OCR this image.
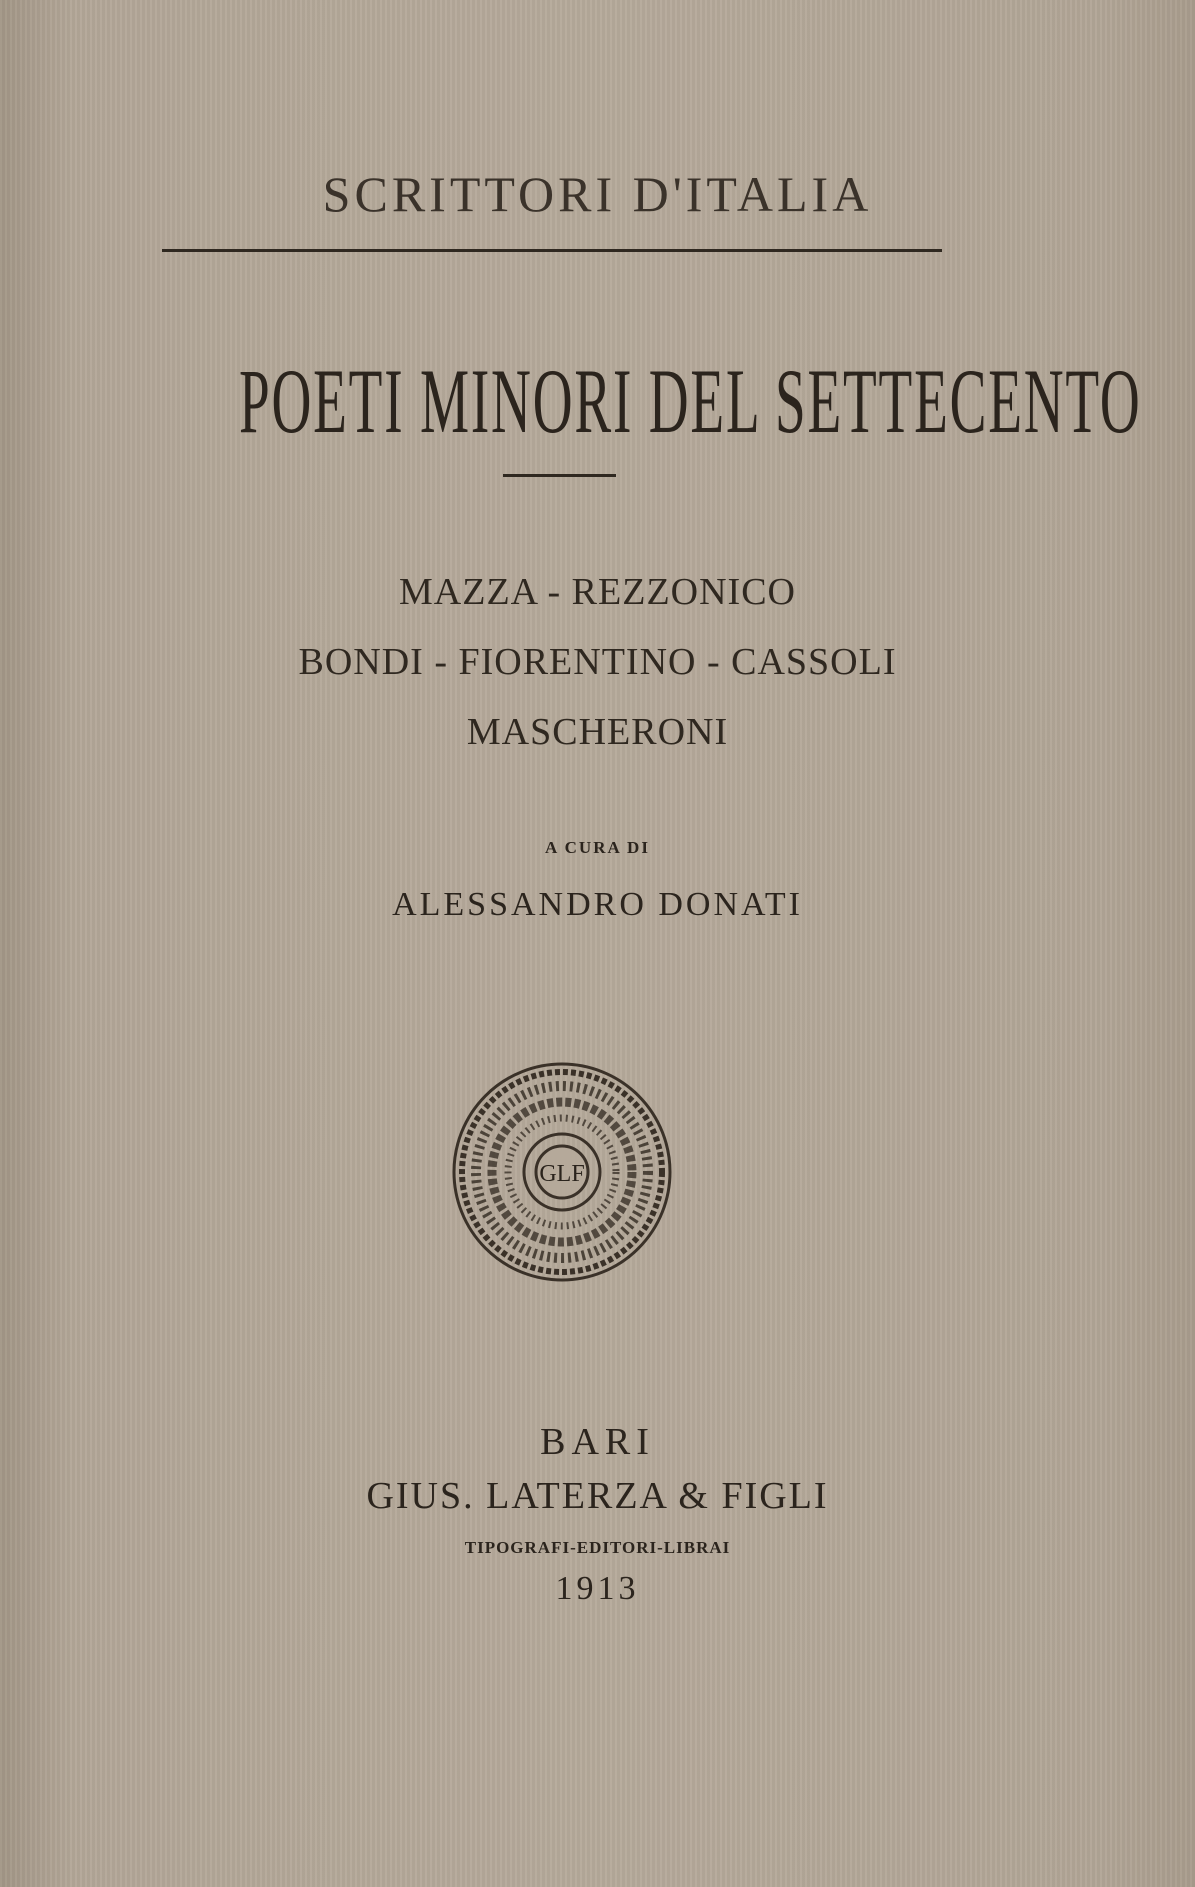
SCRITTORI D'ITALIA
POETI MINORI DEL SETTECENTO
MAZZA - REZZONICO
BONDI - FIORENTINO - CASSOLI
MASCHERONI
A CURA DI
ALESSANDRO DONATI
GLF
BARI
GIUS. LATERZA & FIGLI
TIPOGRAFI-EDITORI-LIBRAI
1913
